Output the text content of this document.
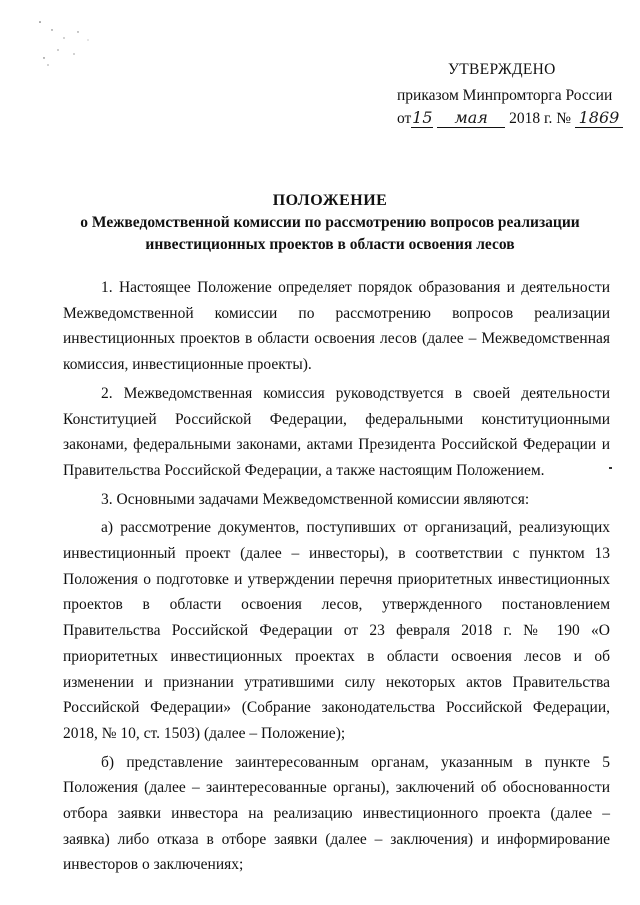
УТВЕРЖДЕНО
приказом Минпромторга России
от15 мая 2018 г. № 1869
ПОЛОЖЕНИЕ
о Межведомственной комиссии по рассмотрению вопросов реализации
инвестиционных проектов в области освоения лесов

1. Настоящее Положение определяет порядок образования и деятельности Межведомственной комиссии по рассмотрению вопросов реализации инвестиционных проектов в области освоения лесов (далее – Межведомственная комиссия, инвестиционные проекты).

2. Межведомственная комиссия руководствуется в своей деятельности Конституцией Российской Федерации, федеральными конституционными законами, федеральными законами, актами Президента Российской Федерации и Правительства Российской Федерации, а также настоящим Положением.

3. Основными задачами Межведомственной комиссии являются:

а) рассмотрение документов, поступивших от организаций, реализующих инвестиционный проект (далее – инвесторы), в соответствии с пунктом 13 Положения о подготовке и утверждении перечня приоритетных инвестиционных проектов в области освоения лесов, утвержденного постановлением Правительства Российской Федерации от 23 февраля 2018 г. № 190 «О приоритетных инвестиционных проектах в области освоения лесов и об изменении и признании утратившими силу некоторых актов Правительства Российской Федерации» (Собрание законодательства Российской Федерации, 2018, № 10, ст. 1503) (далее – Положение);

б) представление заинтересованным органам, указанным в пункте 5 Положения (далее – заинтересованные органы), заключений об обоснованности отбора заявки инвестора на реализацию инвестиционного проекта (далее – заявка) либо отказа в отборе заявки (далее – заключения) и информирование инвесторов о заключениях;
